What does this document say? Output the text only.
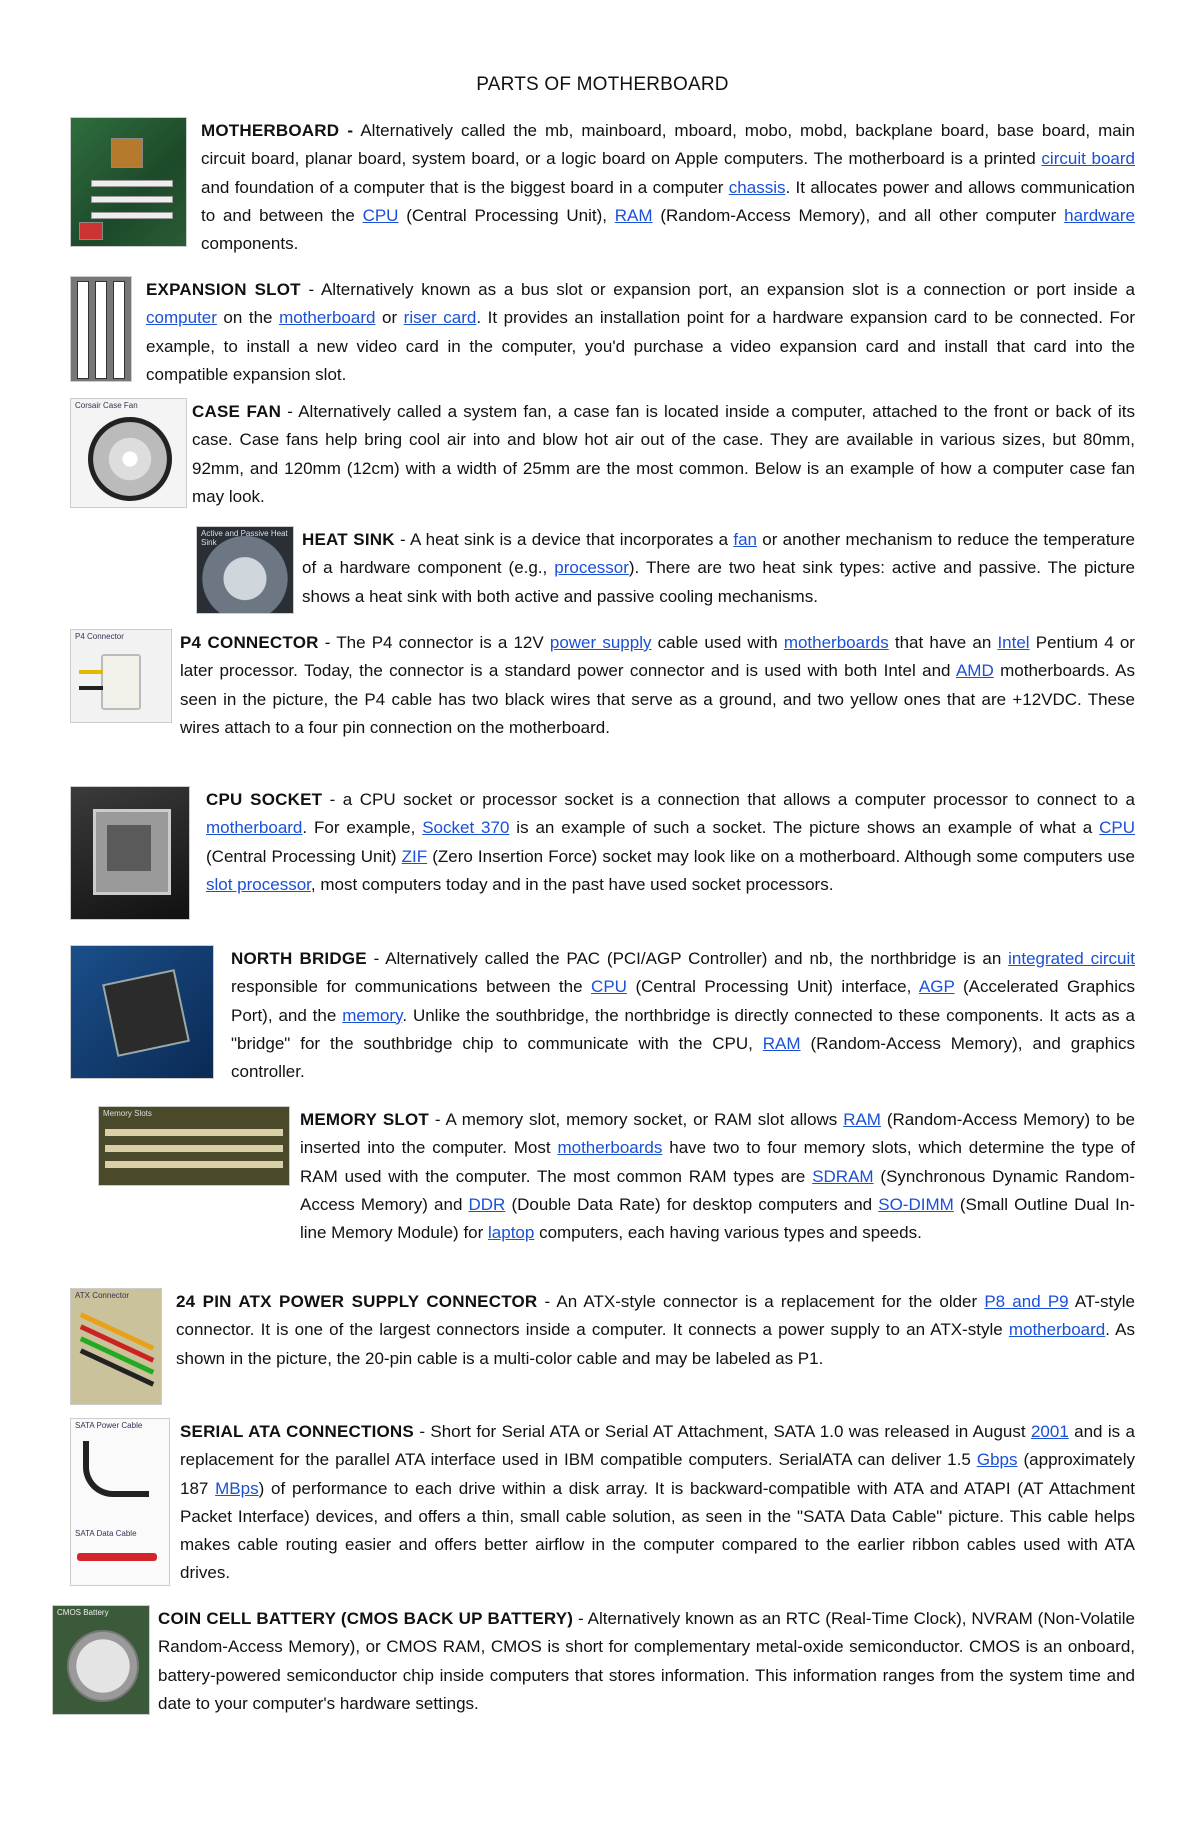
PARTS OF MOTHERBOARD
MOTHERBOARD - Alternatively called the mb, mainboard, mboard, mobo, mobd, backplane board, base board, main circuit board, planar board, system board, or a logic board on Apple computers. The motherboard is a printed circuit board and foundation of a computer that is the biggest board in a computer chassis. It allocates power and allows communication to and between the CPU (Central Processing Unit), RAM (Random-Access Memory), and all other computer hardware components.
EXPANSION SLOT - Alternatively known as a bus slot or expansion port, an expansion slot is a connection or port inside a computer on the motherboard or riser card. It provides an installation point for a hardware expansion card to be connected. For example, to install a new video card in the computer, you'd purchase a video expansion card and install that card into the compatible expansion slot.
Corsair Case Fan	CASE FAN - Alternatively called a system fan, a case fan is located inside a computer, attached to the front or back of its case. Case fans help bring cool air into and blow hot air out of the case. They are available in various sizes, but 80mm, 92mm, and 120mm (12cm) with a width of 25mm are the most common. Below is an example of how a computer case fan may look.
Active and Passive Heat Sink	HEAT SINK - A heat sink is a device that incorporates a fan or another mechanism to reduce the temperature of a hardware component (e.g., processor). There are two heat sink types: active and passive. The picture shows a heat sink with both active and passive cooling mechanisms.
P4 Connector	P4 CONNECTOR - The P4 connector is a 12V power supply cable used with motherboards that have an Intel Pentium 4 or later processor. Today, the connector is a standard power connector and is used with both Intel and AMD motherboards. As seen in the picture, the P4 cable has two black wires that serve as a ground, and two yellow ones that are +12VDC. These wires attach to a four pin connection on the motherboard.
CPU SOCKET - a CPU socket or processor socket is a connection that allows a computer processor to connect to a motherboard. For example, Socket 370 is an example of such a socket. The picture shows an example of what a CPU (Central Processing Unit) ZIF (Zero Insertion Force) socket may look like on a motherboard. Although some computers use slot processor, most computers today and in the past have used socket processors.
NORTH BRIDGE - Alternatively called the PAC (PCI/AGP Controller) and nb, the northbridge is an integrated circuit responsible for communications between the CPU (Central Processing Unit) interface, AGP (Accelerated Graphics Port), and the memory. Unlike the southbridge, the northbridge is directly connected to these components. It acts as a "bridge" for the southbridge chip to communicate with the CPU, RAM (Random-Access Memory), and graphics controller.
Memory Slots	MEMORY SLOT - A memory slot, memory socket, or RAM slot allows RAM (Random-Access Memory) to be inserted into the computer. Most motherboards have two to four memory slots, which determine the type of RAM used with the computer. The most common RAM types are SDRAM (Synchronous Dynamic Random-Access Memory) and DDR (Double Data Rate) for desktop computers and SO-DIMM (Small Outline Dual In-line Memory Module) for laptop computers, each having various types and speeds.
ATX Connector	24 PIN ATX POWER SUPPLY CONNECTOR - An ATX-style connector is a replacement for the older P8 and P9 AT-style connector. It is one of the largest connectors inside a computer. It connects a power supply to an ATX-style motherboard. As shown in the picture, the 20-pin cable is a multi-color cable and may be labeled as P1.
SATA Power Cable
SATA Data Cable
SERIAL ATA CONNECTIONS - Short for Serial ATA or Serial AT Attachment, SATA 1.0 was released in August 2001 and is a replacement for the parallel ATA interface used in IBM compatible computers. SerialATA can deliver 1.5 Gbps (approximately 187 MBps) of performance to each drive within a disk array. It is backward-compatible with ATA and ATAPI (AT Attachment Packet Interface) devices, and offers a thin, small cable solution, as seen in the "SATA Data Cable" picture. This cable helps makes cable routing easier and offers better airflow in the computer compared to the earlier ribbon cables used with ATA drives.
CMOS Battery	COIN CELL BATTERY (CMOS BACK UP BATTERY) - Alternatively known as an RTC (Real-Time Clock), NVRAM (Non-Volatile Random-Access Memory), or CMOS RAM, CMOS is short for complementary metal-oxide semiconductor. CMOS is an onboard, battery-powered semiconductor chip inside computers that stores information. This information ranges from the system time and date to your computer's hardware settings.
